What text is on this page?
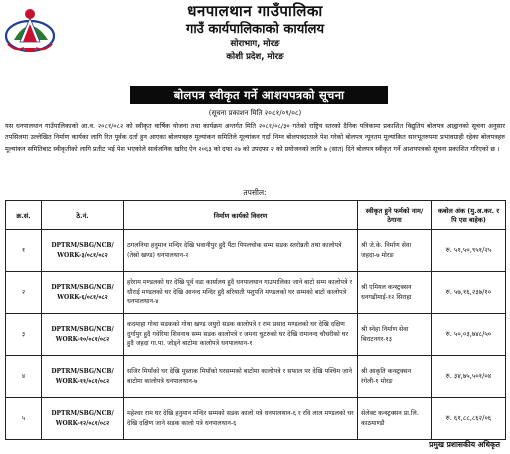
धनपालथान गाउँपालिका
गाउँ कार्यपालिकाको कार्यालय
सोराभाग, मोरङ
कोशी प्रदेश, मोरङ
बोलपत्र स्वीकृत गर्ने आशयपत्रको सूचना
(सूचना प्रकाशन मिति २०८१/०९/०८)
यस धनपालथान गाउँपालिकाको आ.व. २०८१/०८२ को स्वीकृत वार्षिक योजना तथा कार्यक्रम अन्तर्गत मिति २०८१/०८/३० गतेको राष्ट्रिय स्तरको दैनिक पत्रिकामा प्रकाशित विद्युतिय बोलपत्र आह्वानको सूचना अनुसार तपसिलमा उल्लेखित निर्माण कार्यका लागि रित पूर्वक दर्ता हुन आएका बोलपत्रहरु मूल्यांकन समितिले मूल्यांकन गर्दा निम्न बोलपत्रदाताले पेश गरेको बोलपत्र न्यूनतम मूल्यांकित सारभूतरुपमा प्रभावग्राही रहेका बोलपत्रहरु मूल्यांकन समितिबाट स्वीकृतीको लागि प्रतीट भई पेश भएकोले सार्वजनिक खरिद ऐन २०६३ को दफा २७ को उपदफा २ को प्रयोजनको लागि ७ (सात) दिने बोलपत्र स्वीकृत गर्ने आशयपत्रको सूचना प्रकाशित गरिएको छ ।
तपसील:
क्र.सं.	ठे.नं.	निर्माण कार्यको विवरण	स्वीकृत हुने फर्मको नाम/ठेगाना	कबोल अंक (मु.अ.कर. र पि एस बाहेक)
१	DPTRM/SBG/NCB/ WORK-३/०८१/०८२	ठगलनिया हनुमान मन्दिर देखि भवानीपुर हुदै पैंटा पिपलचोक सम्म सडक स्तरोन्नती तथा कालोपत्रे (तेस्रो खण्ड) धनपालथान-२	श्री जे.के. निर्माण सेवा जहदा-७ मोरङ	रु. ५१,५०,९५१/२५
२	DPTRM/SBG/NCB/ WORK-६/०८१/०८२	हरेराम मण्डलको घर देखि पूर्व वडा कार्यालय हुदै धनपालथान गाउपालिका जाने बाटो सम्म कालोपत्रे र धौराई मण्डलको घर देखि आनन्द मन्दिर हुदै बरियाती पशुपति मण्डलको घर सम्मको बाटो कालोपत्रे धनपालथान-४	श्री एमियल कन्स्ट्रक्सन धनगढीमाई-१२ सिराहा	रु. ५७,१६,२३७/१०
३	DPTRM/SBG/NCB/ WORK-१०/०८१/०८२	कदमाहा गोथा सडकको गोथा खण्ड जयुरो सडक कालोपत्रे र राम प्रसाद मण्डलको घर देखि दक्षिण दुर्गापुर हुदै गवेरिया शिवनाथ सम्म सडक कालोपत्रे र जमना चुटरुको घर देखि रामानन्द चौधरीको घर हुदै जहदा गा.पा. जोड्ने बाटोमा कालोपत्रे धनपालथान-१	श्री स्नेहा निर्माण सेवा बिराटनगर-१३	रु. ५०,०३,७४८/५०
४	DPTRM/SBG/NCB/ WORK-११/०८१/०८२	सजिर मियाँको घर देखि मुस्ताक मियाँको घरसम्मको बाटोमा कालोपत्रे र सफाल पर देखि पश्चिम जाने बाटोमा कालोपत्रे धनपालथान-७	श्री आकृति कन्स्ट्रक्सन रंगेली-१ मोरङ	रु. ३४,७५,५०१/०४
५	DPTRM/SBG/NCB/ WORK-१२/०८१/०८२	महेश्वर राम घर देखि हनुमान मन्दिर सम्मको सडक कालो पत्रे धनपालथान-६ र रवि लाल मण्डलको घर देखि दक्षिण जाने सडक कालो पत्रे धनपालथान-६	सेलेक्ट कन्स्ट्रक्सन प्रा.लि. काठमाण्डौ	रु. ६१,८८,८६२/०६
प्रमुख प्रशासकीय अधिकृत
